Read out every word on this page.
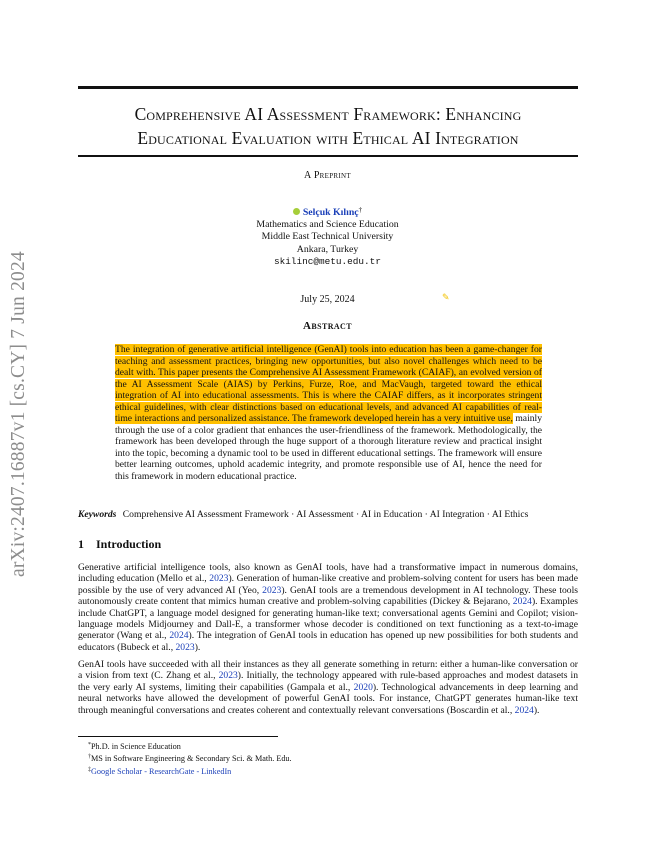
arXiv:2407.16887v1 [cs.CY] 7 Jun 2024
Comprehensive AI Assessment Framework: Enhancing
Educational Evaluation with Ethical AI Integration
A Preprint
Selçuk Kılınç†
Mathematics and Science Education
Middle East Technical University
Ankara, Turkey
skilinc@metu.edu.tr
July 25, 2024	✎
Abstract
The integration of generative artificial intelligence (GenAI) tools into education has been a game-changer for teaching and assessment practices, bringing new opportunities, but also novel challenges which need to be dealt with. This paper presents the Comprehensive AI Assessment Framework (CAIAF), an evolved version of the AI Assessment Scale (AIAS) by Perkins, Furze, Roe, and MacVaugh, targeted toward the ethical integration of AI into educational assessments. This is where the CAIAF differs, as it incorporates stringent ethical guidelines, with clear distinctions based on educational levels, and advanced AI capabilities of real-time interactions and personalized assistance. The framework developed herein has a very intuitive use, mainly through the use of a color gradient that enhances the user-friendliness of the framework. Methodologically, the framework has been developed through the huge support of a thorough literature review and practical insight into the topic, becoming a dynamic tool to be used in different educational settings. The framework will ensure better learning outcomes, uphold academic integrity, and promote responsible use of AI, hence the need for this framework in modern educational practice.
Keywords Comprehensive AI Assessment Framework · AI Assessment · AI in Education · AI Integration · AI Ethics
1 Introduction
Generative artificial intelligence tools, also known as GenAI tools, have had a transformative impact in numerous domains, including education (Mello et al., 2023). Generation of human-like creative and problem-solving content for users has been made possible by the use of very advanced AI (Yeo, 2023). GenAI tools are a tremendous development in AI technology. These tools autonomously create content that mimics human creative and problem-solving capabilities (Dickey & Bejarano, 2024). Examples include ChatGPT, a language model designed for generating human-like text; conversational agents Gemini and Copilot; vision-language models Midjourney and Dall-E, a transformer whose decoder is conditioned on text functioning as a text-to-image generator (Wang et al., 2024). The integration of GenAI tools in education has opened up new possibilities for both students and educators (Bubeck et al., 2023).
GenAI tools have succeeded with all their instances as they all generate something in return: either a human-like conversation or a vision from text (C. Zhang et al., 2023). Initially, the technology appeared with rule-based approaches and modest datasets in the very early AI systems, limiting their capabilities (Gampala et al., 2020). Technological advancements in deep learning and neural networks have allowed the development of powerful GenAI tools. For instance, ChatGPT generates human-like text through meaningful conversations and creates coherent and contextually relevant conversations (Boscardin et al., 2024).
*Ph.D. in Science Education
†MS in Software Engineering & Secondary Sci. & Math. Edu.
‡Google Scholar - ResearchGate - LinkedIn
